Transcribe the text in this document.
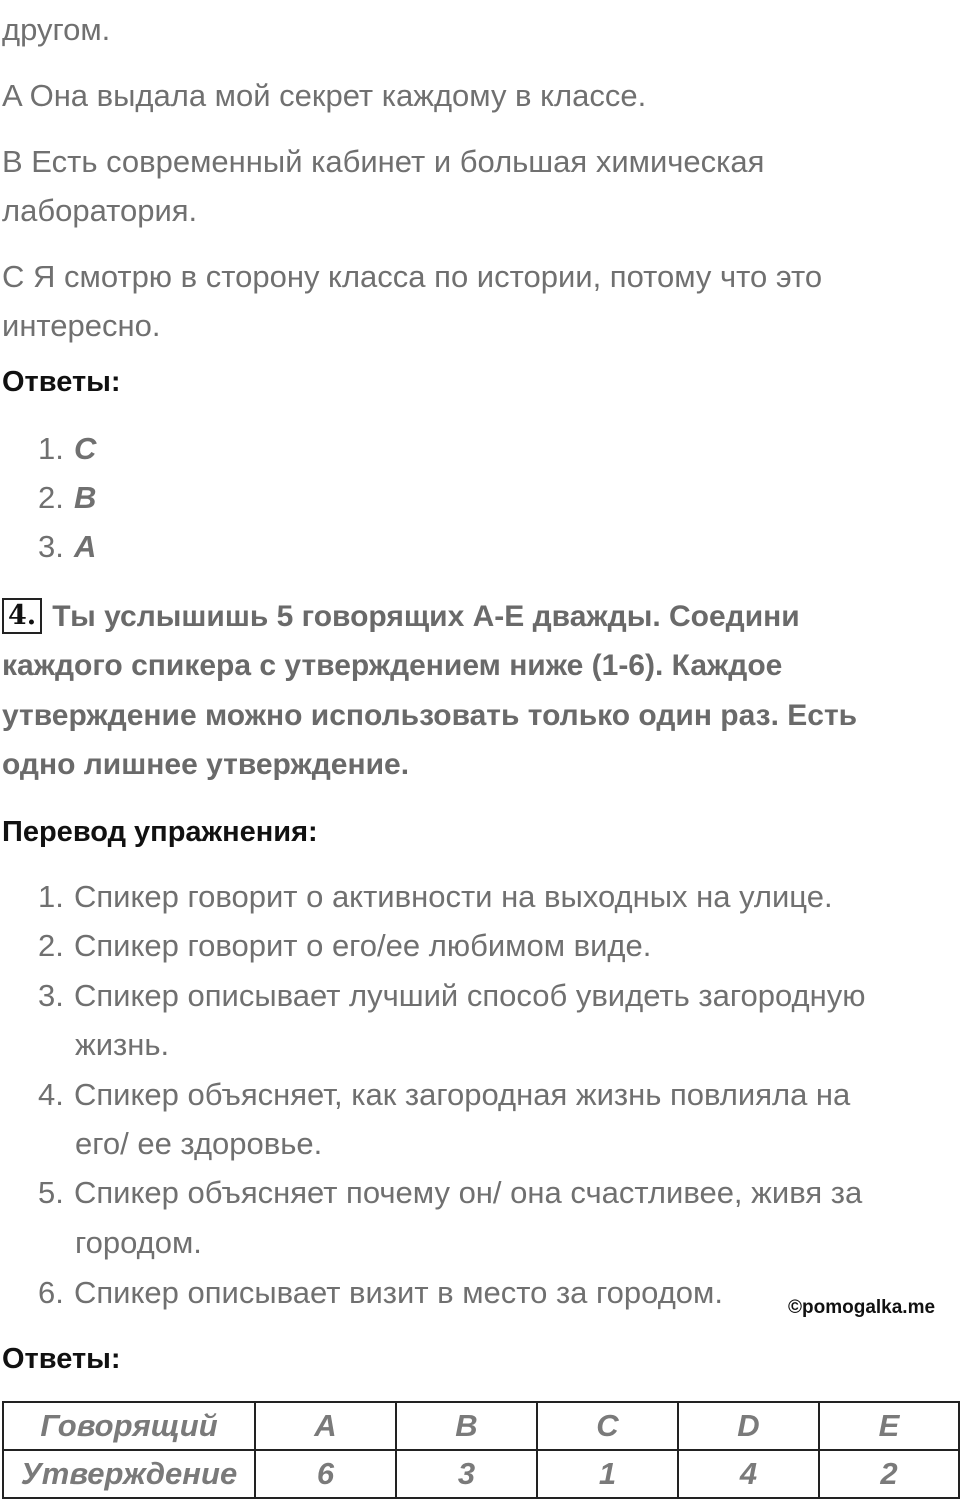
другом.
A Она выдала мой секрет каждому в классе.
B Есть современный кабинет и большая химическая
лаборатория.
C Я смотрю в сторону класса по истории, потому что это
интересно.
Ответы:
1. C
2. B
3. A
4. Ты услышишь 5 говорящих A-E дважды. Соедини
каждого спикера с утверждением ниже (1-6). Каждое
утверждение можно использовать только один раз. Есть
одно лишнее утверждение.
Перевод упражнения:
1. Спикер говорит о активности на выходных на улице.
2. Спикер говорит о его/ее любимом виде.
3. Спикер описывает лучший способ увидеть загородную
жизнь.
4. Спикер объясняет, как загородная жизнь повлияла на
его/ ее здоровье.
5. Спикер объясняет почему он/ она счастливее, живя за
городом.
6. Спикер описывает визит в место за городом.	©pomogalka.me
Ответы:
Говорящий	A	B	C	D	E
Утверждение	6	3	1	4	2
